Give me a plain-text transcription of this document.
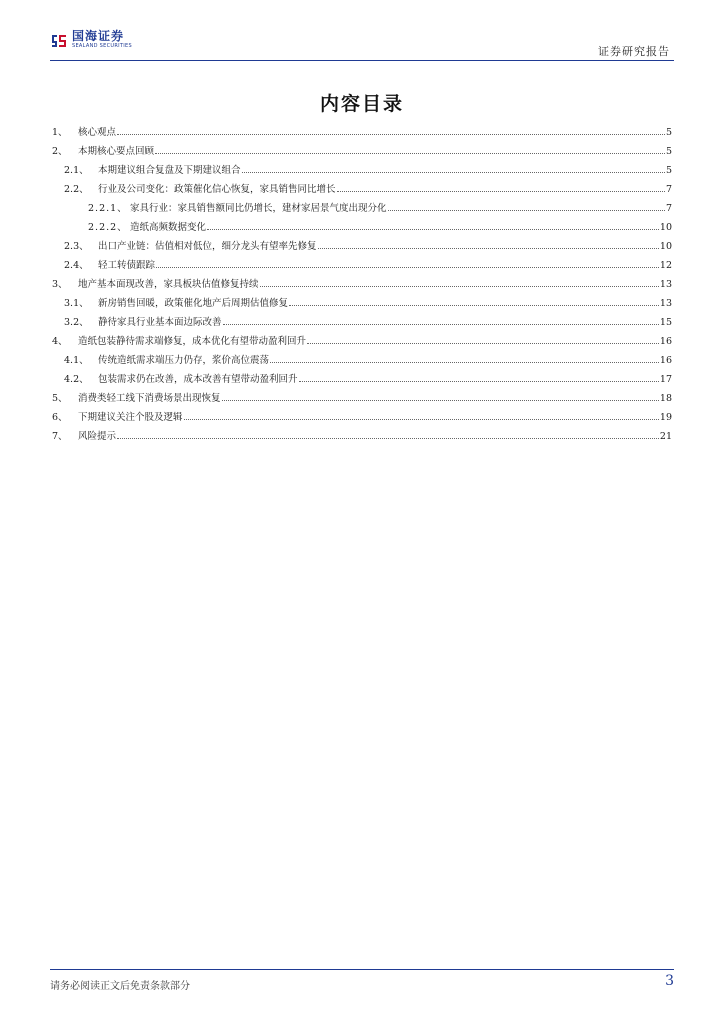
国海证券
SEALAND SECURITIES	证券研究报告
内容目录
1、	核心观点	5
2、	本期核心要点回顾	5
2.1、 本期建议组合复盘及下期建议组合	5
2.2、 行业及公司变化：政策催化信心恢复，家具销售同比增长	7
2.2.1、 家具行业：家具销售额同比仍增长，建材家居景气度出现分化	7
2.2.2、 造纸高频数据变化	10
2.3、 出口产业链：估值相对低位，细分龙头有望率先修复	10
2.4、 轻工转债跟踪	12
3、	地产基本面现改善，家具板块估值修复持续	13
3.1、 新房销售回暖，政策催化地产后周期估值修复	13
3.2、 静待家具行业基本面边际改善	15
4、	造纸包装静待需求端修复，成本优化有望带动盈利回升	16
4.1、 传统造纸需求端压力仍存，浆价高位震荡	16
4.2、 包装需求仍在改善，成本改善有望带动盈利回升	17
5、	消费类轻工线下消费场景出现恢复	18
6、	下期建议关注个股及逻辑	19
7、	风险提示	21
请务必阅读正文后免责条款部分	3
